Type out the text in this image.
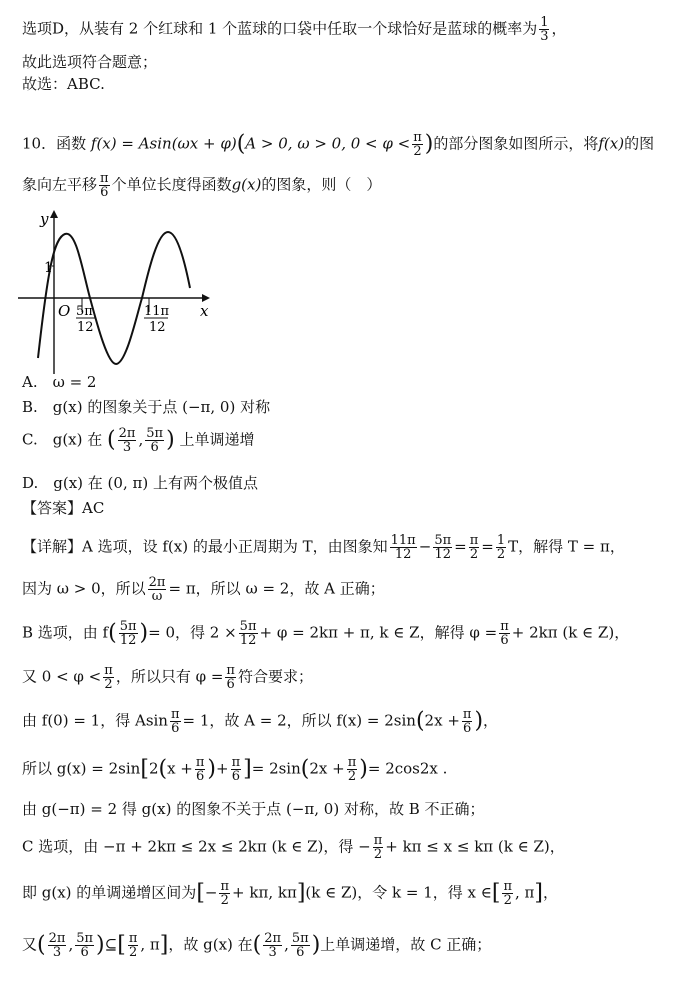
选项D，从装有 2 个红球和 1 个蓝球的口袋中任取一个球恰好是蓝球的概率为 $\frac{1}{3}$ ，
故此选项符合题意；
故选：ABC.
10．函数 f(x) = Asin(ωx + φ)(A > 0, ω > 0, $0 < \varphi < \frac{\pi}{2}$ )的部分图象如图所示，将f(x)的图
象向左平移 $\frac{\pi}{6}$ 个单位长度得函数g(x)的图象，则（　）
y
x
O
1
5π
12
11π
12
A.　ω = 2
B.　g(x) 的图象关于点 (−π, 0) 对称
C.　g(x) 在 ( $\frac{2\pi}{3}$ , $\frac{5\pi}{6}$ ) 上单调递增
D.　g(x) 在 (0, π) 上有两个极值点
【答案】AC
【详解】A 选项，设 f(x) 的最小正周期为 T，由图象知 $\frac{11\pi}{12} - \frac{5\pi}{12} = \frac{\pi}{2} = \frac{1}{2}$ T，解得 T = π，
因为 ω > 0，所以 $\frac{2\pi}{\omega} = \pi$，所以 ω = 2，故 A 正确；
B 选项，由 $f( \frac{5\pi}{12}$ )= 0，得 $2 \times \frac{5\pi}{12} + \varphi = 2k\pi + \pi$, k ∈ Z，解得 $\varphi = \frac{\pi}{6} + 2k\pi$ (k ∈ Z)，
又 $0 < \varphi < \frac{\pi}{2}$ ，所以只有 $\varphi = \frac{\pi}{6}$ 符合要求；
由 f(0) = 1，得 Asin $\frac{\pi}{6} = 1$，故 A = 2，所以 $f(x) = 2\sin(2x + \frac{\pi}{6}$ )，
所以 $g(x) = 2\sin[2(x + \frac{\pi}{6}$ )+ $\frac{\pi}{6}$ ]= $2\sin(2x + \frac{\pi}{2}$ )= 2cos2x .
由 g(−π) = 2 得 g(x) 的图象不关于点 (−π, 0) 对称，故 B 不正确；
C 选项，由 −π + 2kπ ≤ 2x ≤ 2kπ (k ∈ Z)，得 − $\frac{\pi}{2} + k\pi \le x \le k\pi$ (k ∈ Z)，
即 g(x) 的单调递增区间为[− $\frac{\pi}{2} + k\pi$, kπ](k ∈ Z)，令 k = 1，得 x ∈[ $\frac{\pi}{2}$ , π]，
又( $\frac{2\pi}{3}$ , $\frac{5\pi}{6}$ )⊆[ $\frac{\pi}{2}$ , π]，故 g(x) 在( $\frac{2\pi}{3}$ , $\frac{5\pi}{6}$ )上单调递增，故 C 正确；
